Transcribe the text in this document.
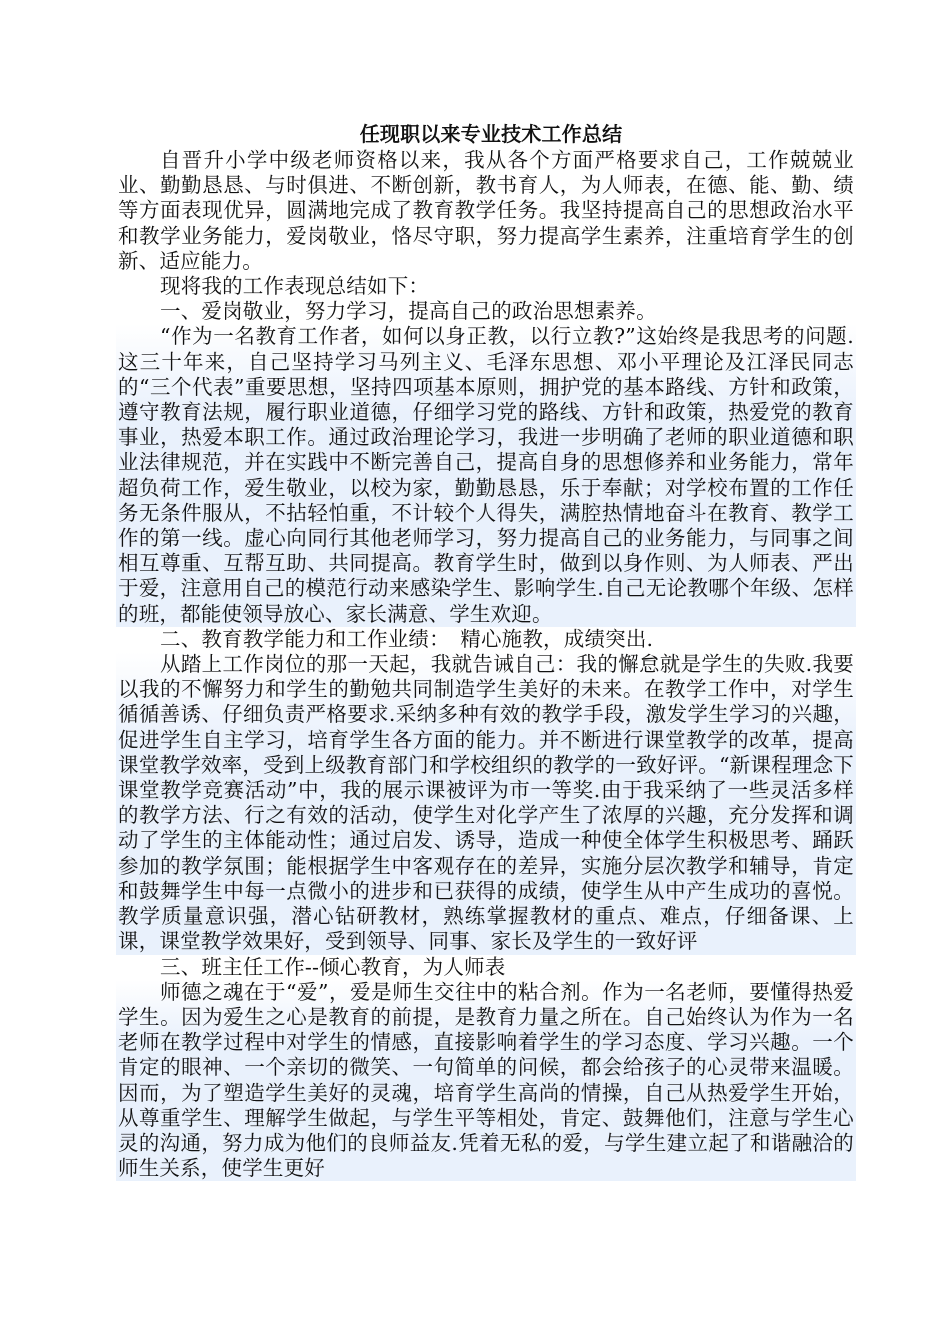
任现职以来专业技术工作总结

自晋升小学中级老师资格以来，我从各个方面严格要求自己，工作兢兢业业、勤勤恳恳、与时俱进、不断创新，教书育人，为人师表，在德、能、勤、绩等方面表现优异，圆满地完成了教育教学任务。我坚持提高自己的思想政治水平和教学业务能力，爱岗敬业，恪尽守职，努力提高学生素养，注重培育学生的创新、适应能力。

现将我的工作表现总结如下：

一、爱岗敬业，努力学习，提高自己的政治思想素养。

“作为一名教育工作者，如何以身正教，以行立教?”这始终是我思考的问题.这三十年来，自己坚持学习马列主义、毛泽东思想、邓小平理论及江泽民同志的“三个代表”重要思想，坚持四项基本原则，拥护党的基本路线、方针和政策，遵守教育法规，履行职业道德，仔细学习党的路线、方针和政策，热爱党的教育事业，热爱本职工作。通过政治理论学习，我进一步明确了老师的职业道德和职业法律规范，并在实践中不断完善自己，提高自身的思想修养和业务能力，常年超负荷工作，爱生敬业，以校为家，勤勤恳恳，乐于奉献；对学校布置的工作任务无条件服从，不拈轻怕重，不计较个人得失，满腔热情地奋斗在教育、教学工作的第一线。虚心向同行其他老师学习，努力提高自己的业务能力，与同事之间相互尊重、互帮互助、共同提高。教育学生时，做到以身作则、为人师表、严出于爱，注意用自己的模范行动来感染学生、影响学生.自己无论教哪个年级、怎样的班，都能使领导放心、家长满意、学生欢迎。

二、教育教学能力和工作业绩：　精心施教，成绩突出.

从踏上工作岗位的那一天起，我就告诫自己：我的懈怠就是学生的失败.我要以我的不懈努力和学生的勤勉共同制造学生美好的未来。在教学工作中，对学生循循善诱、仔细负责严格要求.采纳多种有效的教学手段，激发学生学习的兴趣，促进学生自主学习，培育学生各方面的能力。并不断进行课堂教学的改革，提高课堂教学效率，受到上级教育部门和学校组织的教学的一致好评。“新课程理念下课堂教学竞赛活动”中，我的展示课被评为市一等奖.由于我采纳了一些灵活多样的教学方法、行之有效的活动，使学生对化学产生了浓厚的兴趣，充分发挥和调动了学生的主体能动性；通过启发、诱导，造成一种使全体学生积极思考、踊跃参加的教学氛围；能根据学生中客观存在的差异，实施分层次教学和辅导，肯定和鼓舞学生中每一点微小的进步和已获得的成绩，使学生从中产生成功的喜悦。教学质量意识强，潜心钻研教材，熟练掌握教材的重点、难点，仔细备课、上课，课堂教学效果好，受到领导、同事、家长及学生的一致好评

三、班主任工作--倾心教育，为人师表

师德之魂在于“爱”，爱是师生交往中的粘合剂。作为一名老师，要懂得热爱学生。因为爱生之心是教育的前提，是教育力量之所在。自己始终认为作为一名老师在教学过程中对学生的情感，直接影响着学生的学习态度、学习兴趣。一个肯定的眼神、一个亲切的微笑、一句简单的问候，都会给孩子的心灵带来温暖。因而，为了塑造学生美好的灵魂，培育学生高尚的情操，自己从热爱学生开始，从尊重学生、理解学生做起，与学生平等相处，肯定、鼓舞他们，注意与学生心灵的沟通，努力成为他们的良师益友.凭着无私的爱，与学生建立起了和谐融洽的师生关系，使学生更好
